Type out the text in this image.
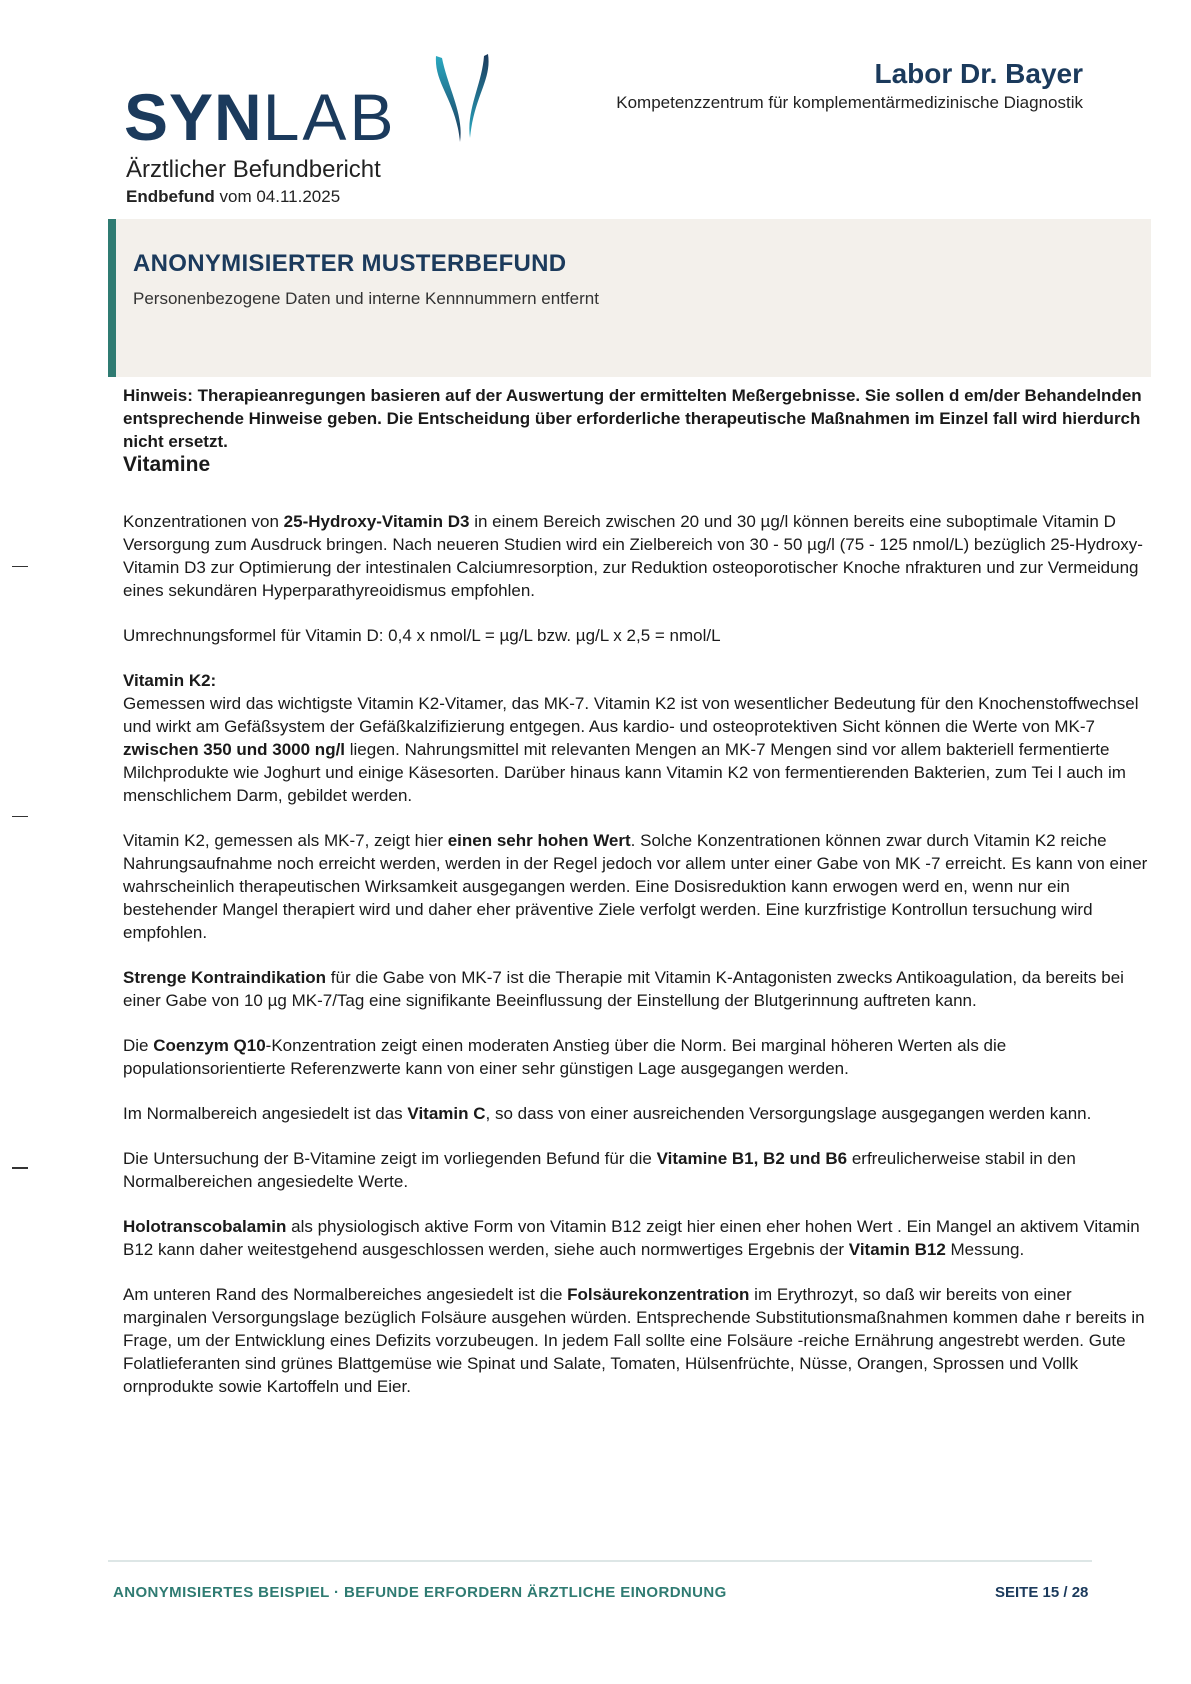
SYNLAB
Labor Dr. Bayer
Kompetenzzentrum für komplementärmedizinische Diagnostik
Ärztlicher Befundbericht
Endbefund vom 04.11.2025
ANONYMISIERTER MUSTERBEFUND
Personenbezogene Daten und interne Kennnummern entfernt

Hinweis: Therapieanregungen basieren auf der Auswertung der ermittelten Meßergebnisse. Sie sollen d em/der Behandelnden entsprechende Hinweise geben. Die Entscheidung über erforderliche therapeutische Maßnahmen im Einzel fall wird hierdurch nicht ersetzt.

Vitamine

Konzentrationen von 25-Hydroxy-Vitamin D3 in einem Bereich zwischen 20 und 30 µg/l können bereits eine suboptimale Vitamin D Versorgung zum Ausdruck bringen. Nach neueren Studien wird ein Zielbereich von 30 - 50 µg/l (75 - 125 nmol/L) bezüglich 25-Hydroxy-Vitamin D3 zur Optimierung der intestinalen Calciumresorption, zur Reduktion osteoporotischer Knoche nfrakturen und zur Vermeidung eines sekundären Hyperparathyreoidismus empfohlen.

Umrechnungsformel für Vitamin D: 0,4 x nmol/L = µg/L bzw. µg/L x 2,5 = nmol/L

Vitamin K2:

Gemessen wird das wichtigste Vitamin K2-Vitamer, das MK-7. Vitamin K2 ist von wesentlicher Bedeutung für den Knochenstoffwechsel und wirkt am Gefäßsystem der Gefäßkalzifizierung entgegen. Aus kardio- und osteoprotektiven Sicht können die Werte von MK-7 zwischen 350 und 3000 ng/l liegen. Nahrungsmittel mit relevanten Mengen an MK-7 Mengen sind vor allem bakteriell fermentierte Milchprodukte wie Joghurt und einige Käsesorten. Darüber hinaus kann Vitamin K2 von fermentierenden Bakterien, zum Tei l auch im menschlichem Darm, gebildet werden.

Vitamin K2, gemessen als MK-7, zeigt hier einen sehr hohen Wert. Solche Konzentrationen können zwar durch Vitamin K2 reiche Nahrungsaufnahme noch erreicht werden, werden in der Regel jedoch vor allem unter einer Gabe von MK -7 erreicht. Es kann von einer wahrscheinlich therapeutischen Wirksamkeit ausgegangen werden. Eine Dosisreduktion kann erwogen werd en, wenn nur ein bestehender Mangel therapiert wird und daher eher präventive Ziele verfolgt werden. Eine kurzfristige Kontrollun tersuchung wird empfohlen.

Strenge Kontraindikation für die Gabe von MK-7 ist die Therapie mit Vitamin K-Antagonisten zwecks Antikoagulation, da bereits bei einer Gabe von 10 µg MK-7/Tag eine signifikante Beeinflussung der Einstellung der Blutgerinnung auftreten kann.

Die Coenzym Q10-Konzentration zeigt einen moderaten Anstieg über die Norm. Bei marginal höheren Werten als die populationsorientierte Referenzwerte kann von einer sehr günstigen Lage ausgegangen werden.

Im Normalbereich angesiedelt ist das Vitamin C, so dass von einer ausreichenden Versorgungslage ausgegangen werden kann.

Die Untersuchung der B-Vitamine zeigt im vorliegenden Befund für die Vitamine B1, B2 und B6 erfreulicherweise stabil in den Normalbereichen angesiedelte Werte.

Holotranscobalamin als physiologisch aktive Form von Vitamin B12 zeigt hier einen eher hohen Wert . Ein Mangel an aktivem Vitamin B12 kann daher weitestgehend ausgeschlossen werden, siehe auch normwertiges Ergebnis der Vitamin B12 Messung.

Am unteren Rand des Normalbereiches angesiedelt ist die Folsäurekonzentration im Erythrozyt, so daß wir bereits von einer marginalen Versorgungslage bezüglich Folsäure ausgehen würden. Entsprechende Substitutionsmaßnahmen kommen dahe r bereits in Frage, um der Entwicklung eines Defizits vorzubeugen. In jedem Fall sollte eine Folsäure -reiche Ernährung angestrebt werden. Gute Folatlieferanten sind grünes Blattgemüse wie Spinat und Salate, Tomaten, Hülsenfrüchte, Nüsse, Orangen, Sprossen und Vollk ornprodukte sowie Kartoffeln und Eier.

ANONYMISIERTES BEISPIEL · BEFUNDE ERFORDERN ÄRZTLICHE EINORDNUNG	SEITE 15 / 28
